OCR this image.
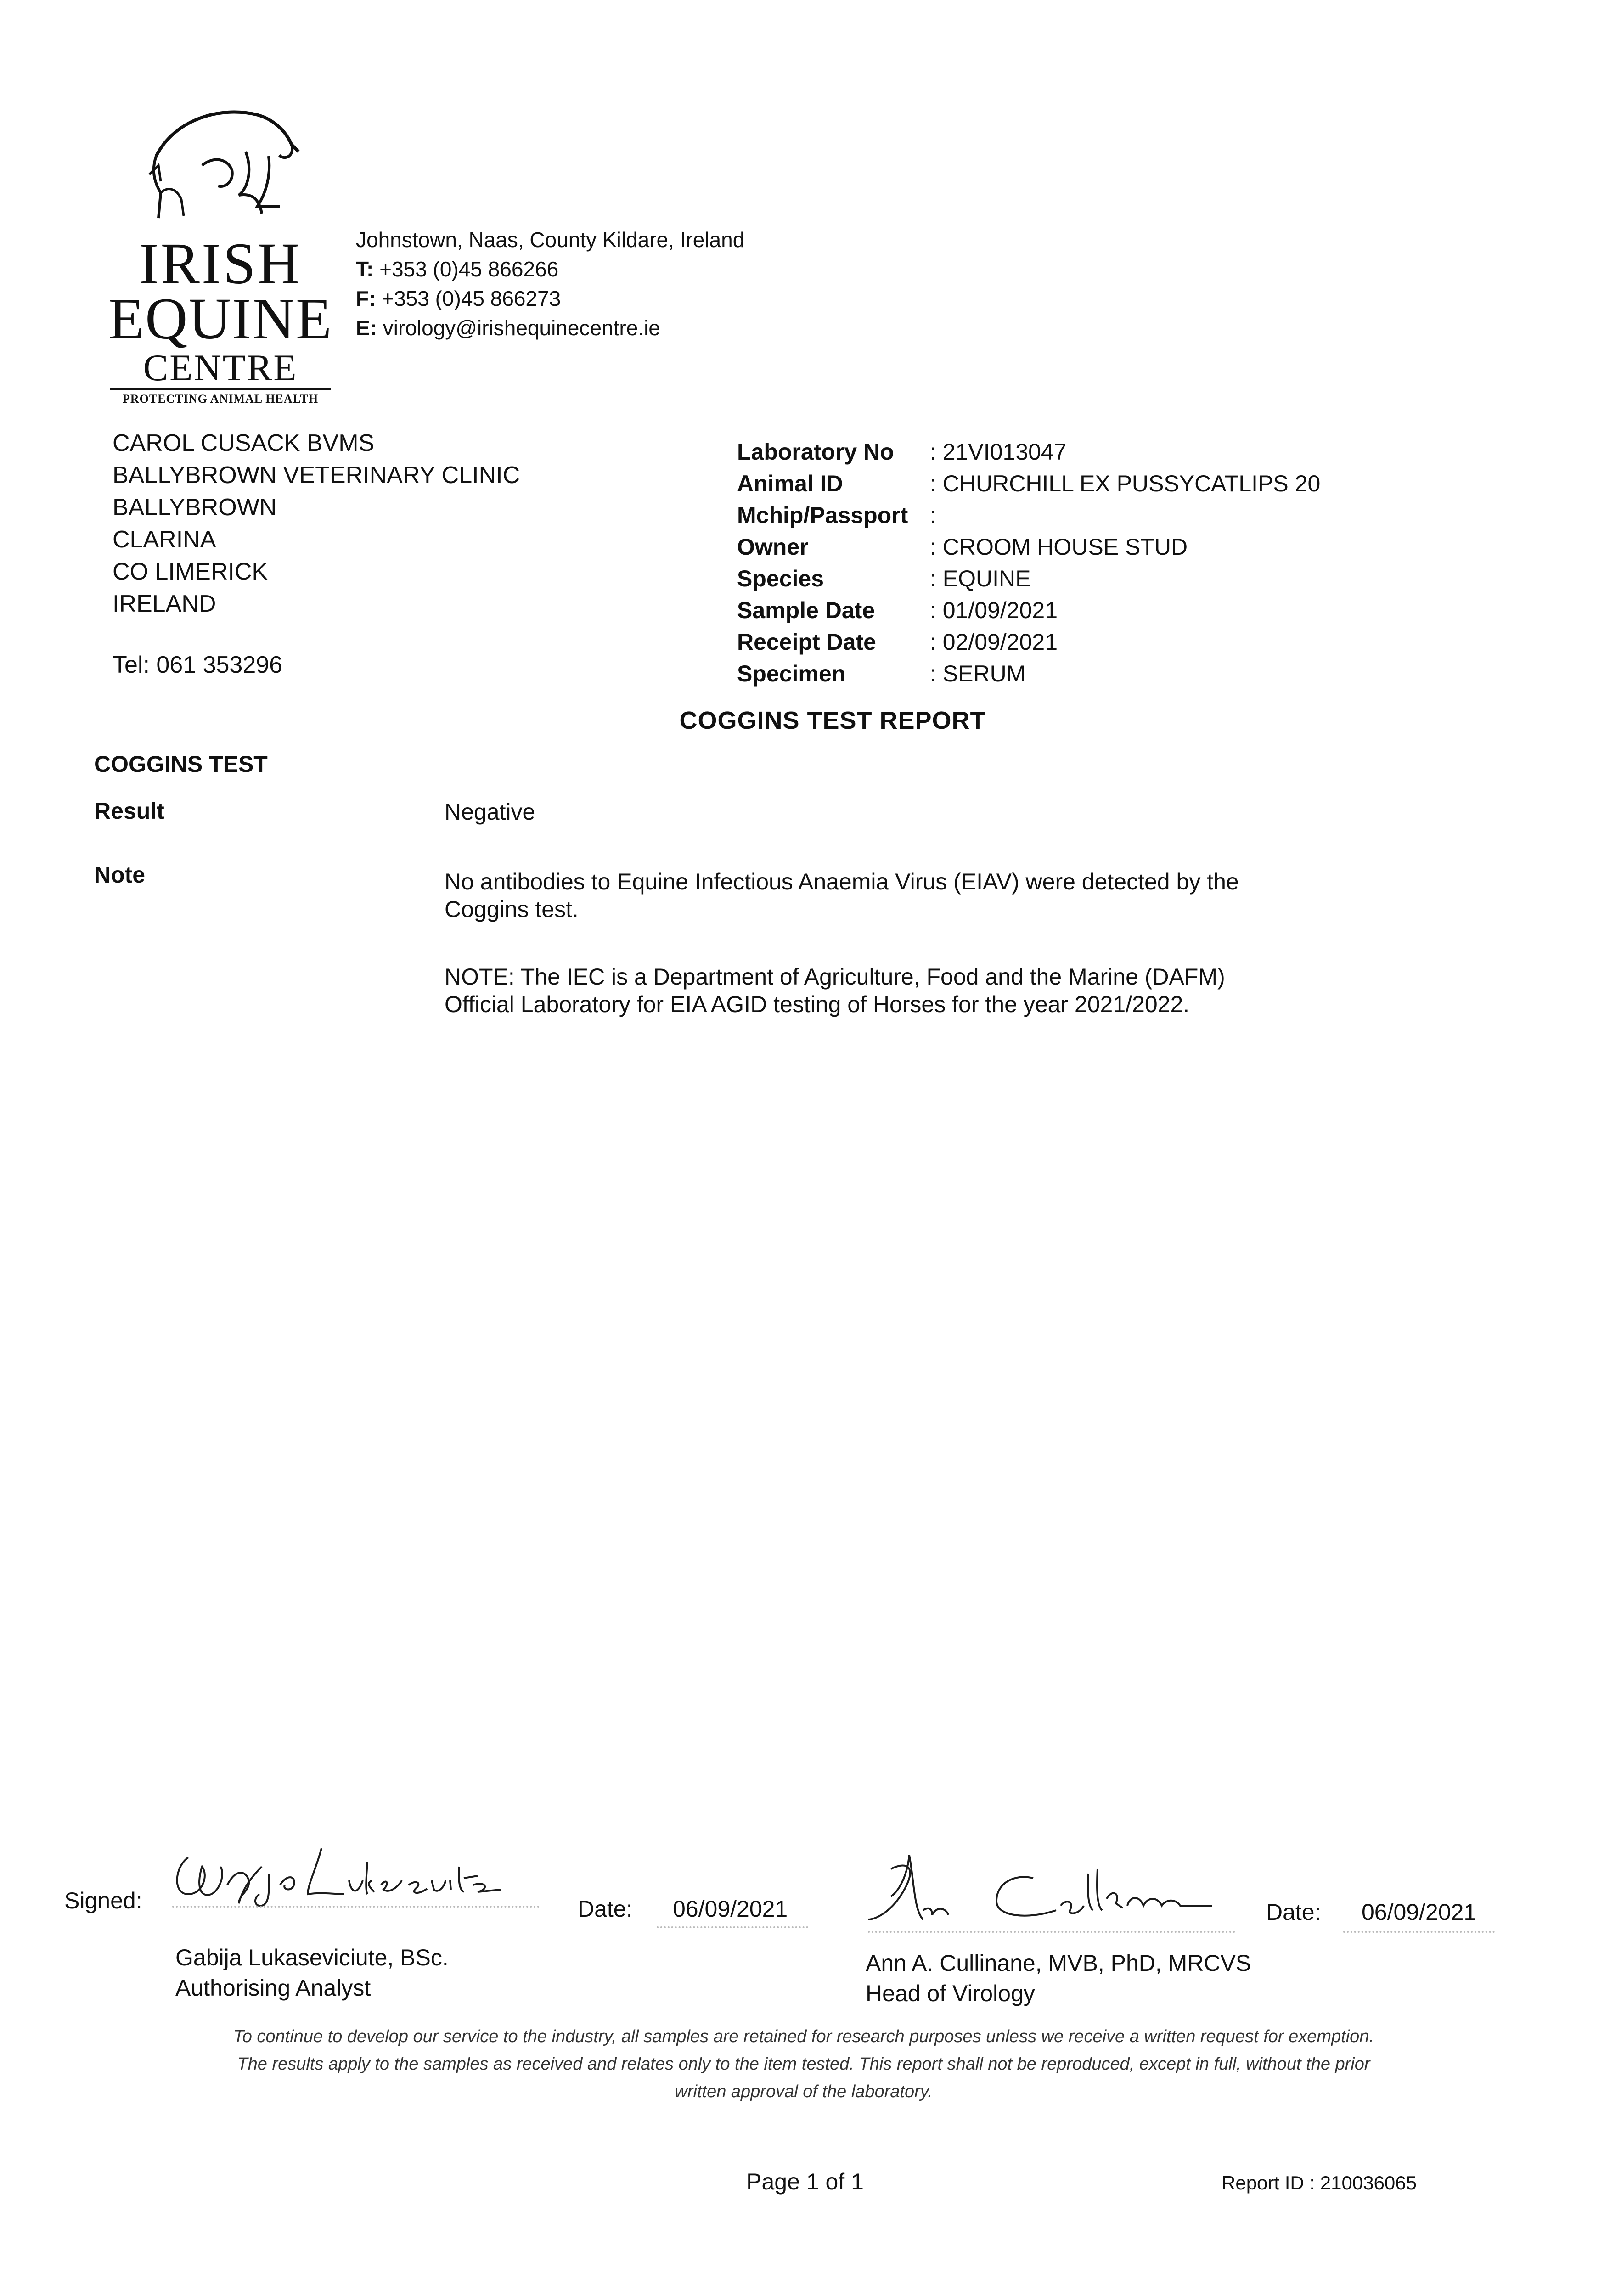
IRISH
EQUINE
CENTRE
PROTECTING ANIMAL HEALTH
Johnstown, Naas, County Kildare, Ireland
T: +353 (0)45 866266
F: +353 (0)45 866273
E: virology@irishequinecentre.ie
CAROL CUSACK BVMS
BALLYBROWN VETERINARY CLINIC
BALLYBROWN
CLARINA
CO LIMERICK
IRELAND
Tel: 061 353296
Laboratory No	: 21VI013047
Animal ID	: CHURCHILL EX PUSSYCATLIPS 20
Mchip/Passport :
Owner	: CROOM HOUSE STUD
Species	: EQUINE
Sample Date	: 01/09/2021
Receipt Date	: 02/09/2021
Specimen	: SERUM
COGGINS TEST REPORT
COGGINS TEST
Result	Negative
Note	No antibodies to Equine Infectious Anaemia Virus (EIAV) were detected by the Coggins test.
NOTE: The IEC is a Department of Agriculture, Food and the Marine (DAFM) Official Laboratory for EIA AGID testing of Horses for the year 2021/2022.
Signed:	Date: 06/09/2021
Gabija Lukaseviciute, BSc.
Authorising Analyst
Date: 06/09/2021
Ann A. Cullinane, MVB, PhD, MRCVS
Head of Virology
To continue to develop our service to the industry, all samples are retained for research purposes unless we receive a written request for exemption.
The results apply to the samples as received and relates only to the item tested. This report shall not be reproduced, except in full, without the prior
written approval of the laboratory.
Page 1 of 1	Report ID : 210036065
